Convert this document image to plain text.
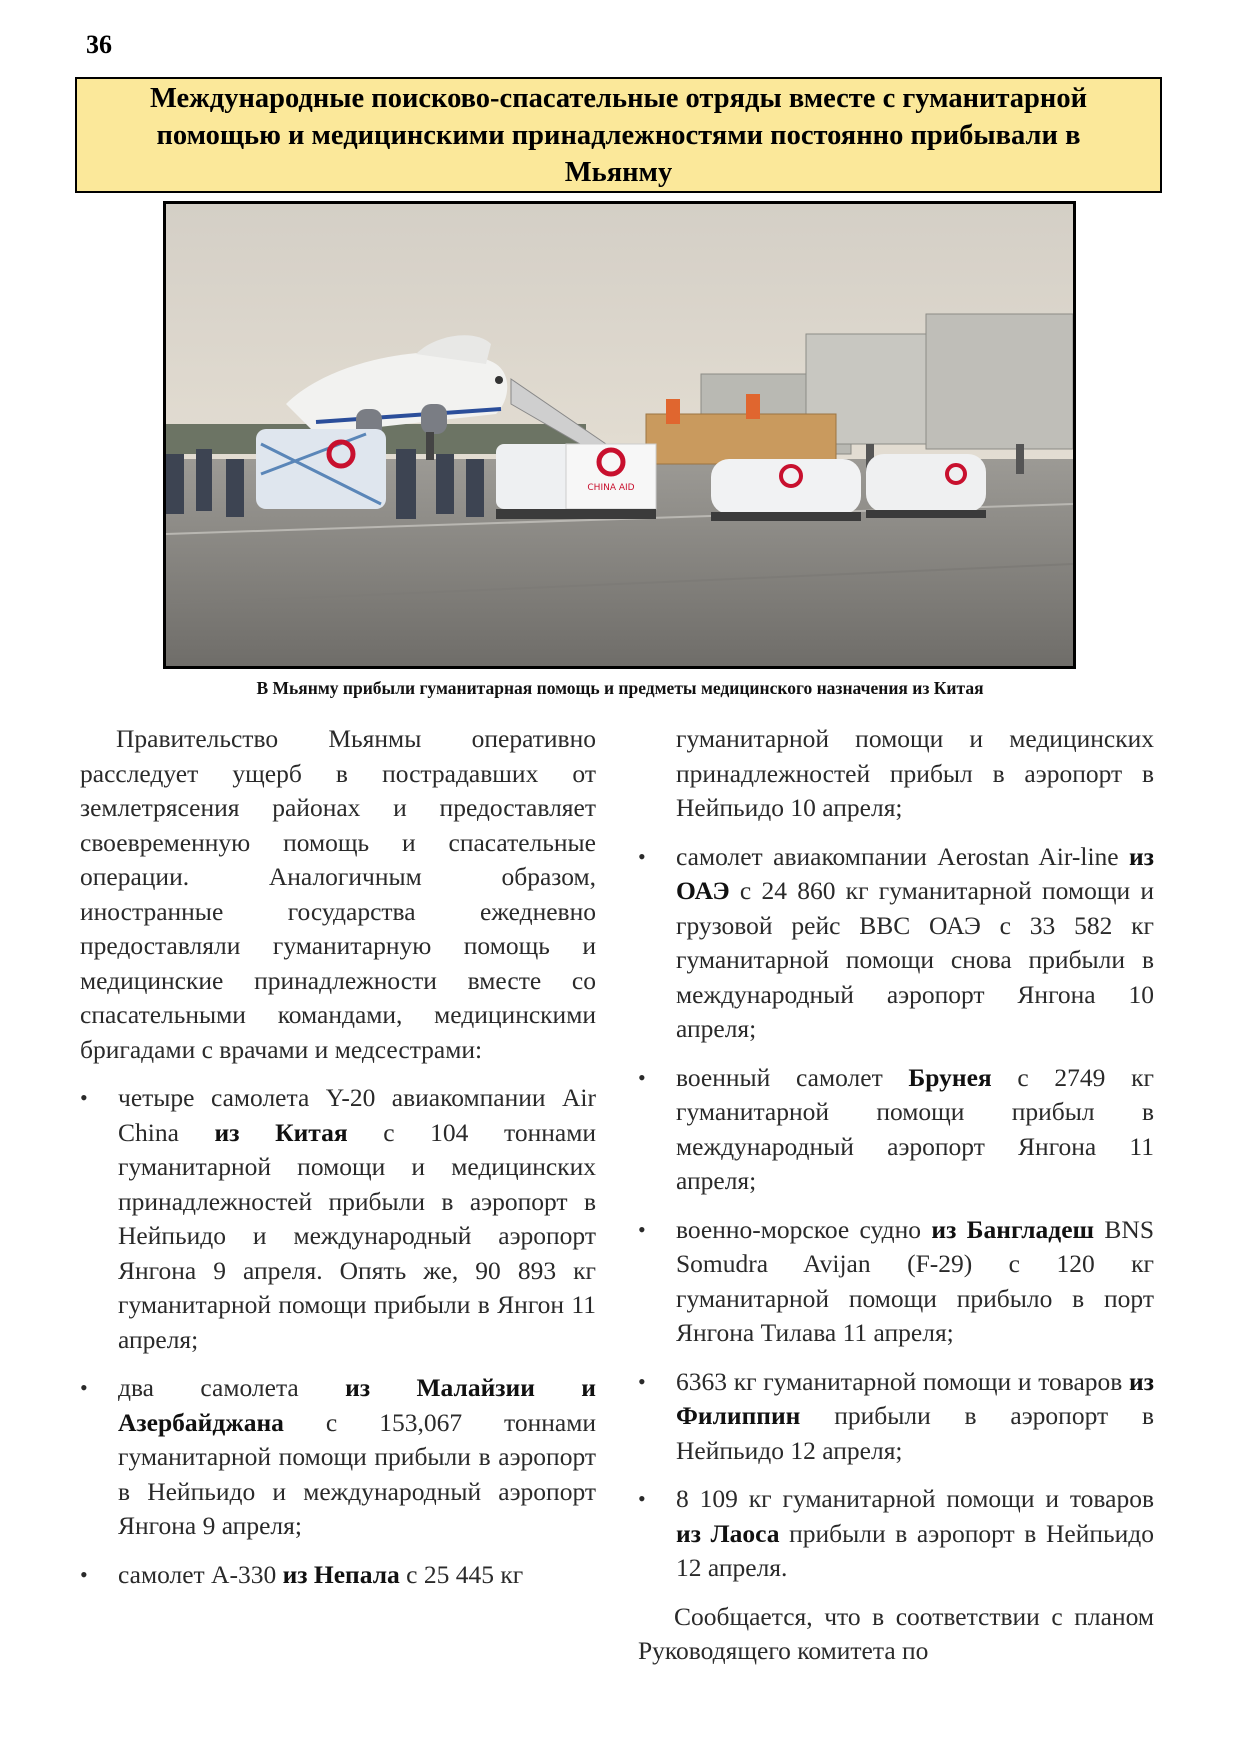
36
Международные поисково-спасательные отряды вместе с гуманитарной помощью и медицинскими принадлежностями постоянно прибывали в Мьянму
CHINA AID
В Мьянму прибыли гуманитарная помощь и предметы медицинского назначения из Китая

Правительство Мьянмы оперативно расследует ущерб в пострадавших от землетрясения районах и предоставляет своевременную помощь и спасательные операции. Аналогичным образом, иностранные государства ежедневно предоставляли гуманитарную помощь и медицинские принадлежности вместе со спасательными командами, медицинскими бригадами с врачами и медсестрами:

• четыре самолета Y-20 авиакомпании Air China из Китая с 104 тоннами гуманитарной помощи и медицинских принадлежностей прибыли в аэропорт в Нейпьидо и международный аэропорт Янгона 9 апреля. Опять же, 90 893 кг гуманитарной помощи прибыли в Янгон 11 апреля;
• два самолета из Малайзии и Азербайджана с 153,067 тоннами гуманитарной помощи прибыли в аэропорт в Нейпьидо и международный аэропорт Янгона 9 апреля;
• самолет А-330 из Непала с 25 445 кг

гуманитарной помощи и медицинских принадлежностей прибыл в аэропорт в Нейпьидо 10 апреля;

• самолет авиакомпании Aerostan Air-line из ОАЭ с 24 860 кг гуманитарной помощи и грузовой рейс BBC ОАЭ с 33 582 кг гуманитарной помощи снова прибыли в международный аэропорт Янгона 10 апреля;
• военный самолет Брунея с 2749 кг гуманитарной помощи прибыл в международный аэропорт Янгона 11 апреля;
• военно-морское судно из Бангладеш BNS Somudra Avijan (F-29) с 120 кг гуманитарной помощи прибыло в порт Янгона Тилава 11 апреля;
• 6363 кг гуманитарной помощи и товаров из Филиппин прибыли в аэропорт в Нейпьидо 12 апреля;
• 8 109 кг гуманитарной помощи и товаров из Лаоса прибыли в аэропорт в Нейпьидо 12 апреля.

Сообщается, что в соответствии с планом Руководящего комитета по
